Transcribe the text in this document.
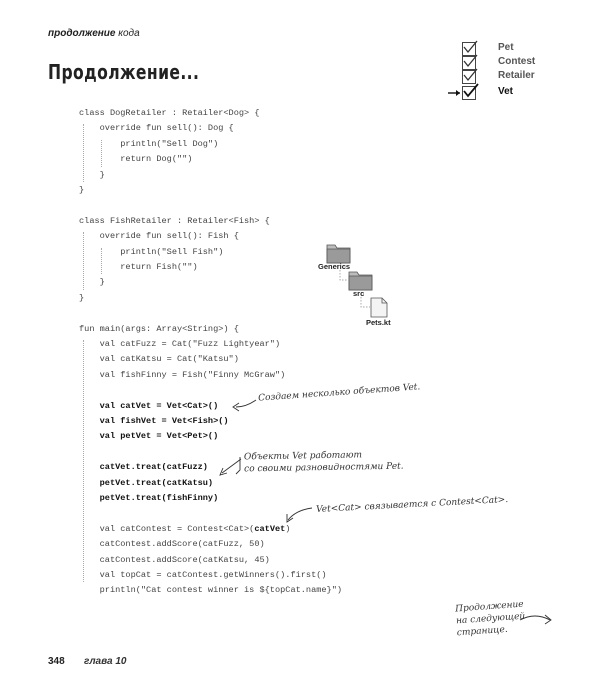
продолжение кода
Продолжение...
Pet
Contest
Retailer
Vet
class DogRetailer : Retailer<Dog> {
override fun sell(): Dog {
println("Sell Dog")
return Dog("")
}
}
class FishRetailer : Retailer<Fish> {
override fun sell(): Fish {
println("Sell Fish")
return Fish("")
}
}
fun main(args: Array<String>) {
val catFuzz = Cat("Fuzz Lightyear")
val catKatsu = Cat("Katsu")
val fishFinny = Fish("Finny McGraw")
val catVet = Vet<Cat>()
val fishVet = Vet<Fish>()
val petVet = Vet<Pet>()
catVet.treat(catFuzz)
petVet.treat(catKatsu)
petVet.treat(fishFinny)
val catContest = Contest<Cat>(catVet)
catContest.addScore(catFuzz, 50)
catContest.addScore(catKatsu, 45)
val topCat = catContest.getWinners().first()
println("Cat contest winner is ${topCat.name}")
Generics
src
Pets.kt
Создаем несколько объектов Vet.
Объекты Vet работают
со своими разновидностями Pet.
Vet<Cat> связывается с Contest<Cat>.
Продолжение
на следующей
странице.
348 глава 10
